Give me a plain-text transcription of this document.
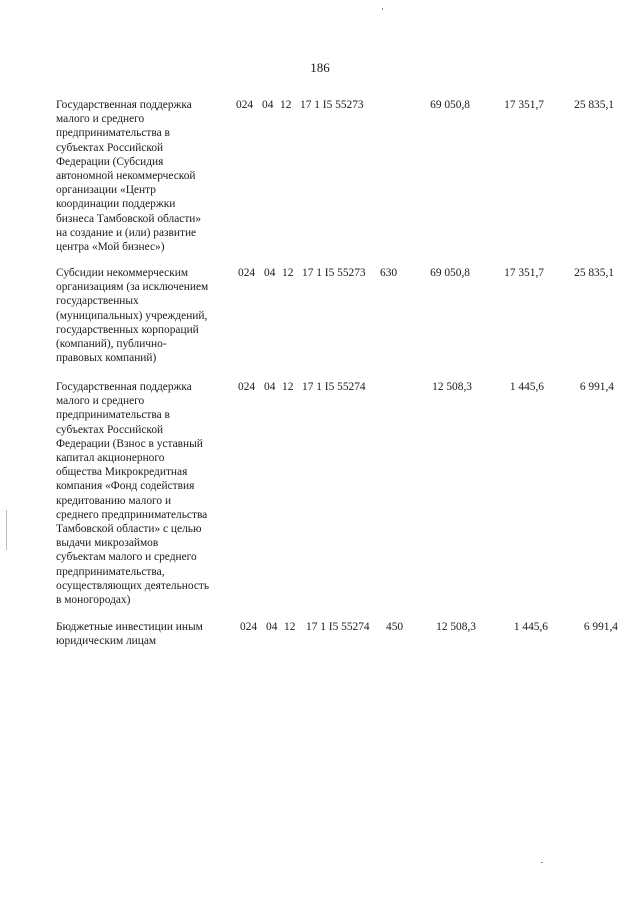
186
Государственная поддержка
малого и среднего
предпринимательства в
субъектах Российской
Федерации (Субсидия
автономной некоммерческой
организации «Центр
координации поддержки
бизнеса Тамбовской области»
на создание и (или) развитие
центра «Мой бизнес»)
024 04 12 17 1 I5 55273	69 050,8	17 351,7	25 835,1
Субсидии некоммерческим
организациям (за исключением
государственных
(муниципальных) учреждений,
государственных корпораций
(компаний), публично-
правовых компаний)
024 04 12 17 1 I5 55273 630	69 050,8	17 351,7	25 835,1
Государственная поддержка
малого и среднего
предпринимательства в
субъектах Российской
Федерации (Взнос в уставный
капитал акционерного
общества Микрокредитная
компания «Фонд содействия
кредитованию малого и
среднего предпринимательства
Тамбовской области» с целью
выдачи микрозаймов
субъектам малого и среднего
предпринимательства,
осуществляющих деятельность
в моногородах)
024 04 12 17 1 I5 55274	12 508,3	1 445,6	6 991,4
Бюджетные инвестиции иным
юридическим лицам
024 04 12 17 1 I5 55274 450	12 508,3	1 445,6	6 991,4
